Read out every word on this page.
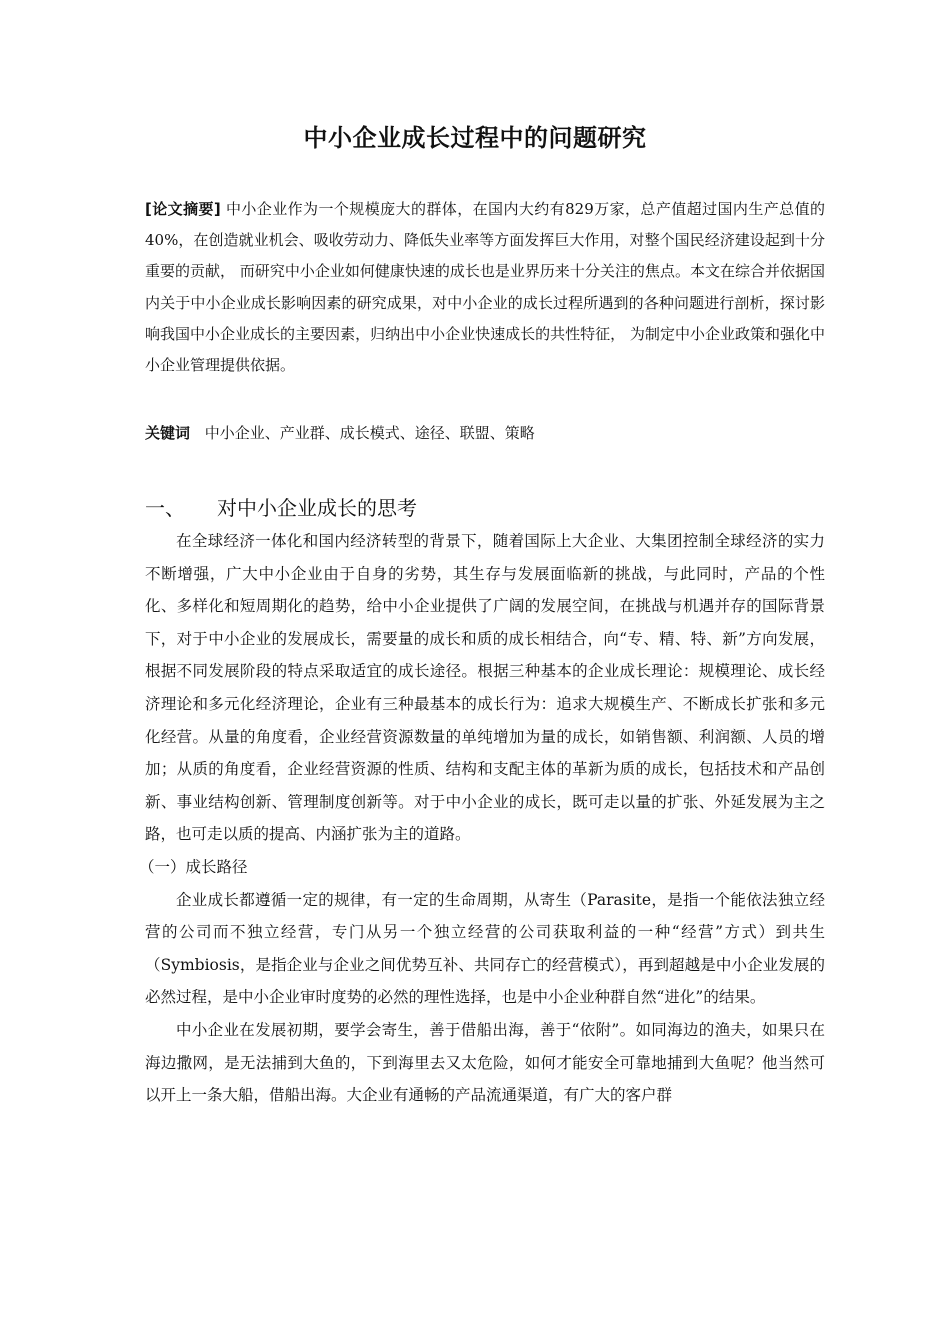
中小企业成长过程中的问题研究
[论文摘要] 中小企业作为一个规模庞大的群体，在国内大约有829万家，总产值超过国内生产总值的40%，在创造就业机会、吸收劳动力、降低失业率等方面发挥巨大作用，对整个国民经济建设起到十分重要的贡献， 而研究中小企业如何健康快速的成长也是业界历来十分关注的焦点。本文在综合并依据国内关于中小企业成长影响因素的研究成果，对中小企业的成长过程所遇到的各种问题进行剖析，探讨影响我国中小企业成长的主要因素，归纳出中小企业快速成长的共性特征， 为制定中小企业政策和强化中小企业管理提供依据。
关键词 中小企业、产业群、成长模式、途径、联盟、策略
一、 对中小企业成长的思考

在全球经济一体化和国内经济转型的背景下，随着国际上大企业、大集团控制全球经济的实力不断增强，广大中小企业由于自身的劣势，其生存与发展面临新的挑战，与此同时，产品的个性化、多样化和短周期化的趋势，给中小企业提供了广阔的发展空间，在挑战与机遇并存的国际背景下，对于中小企业的发展成长，需要量的成长和质的成长相结合，向“专、精、特、新”方向发展，根据不同发展阶段的特点采取适宜的成长途径。根据三种基本的企业成长理论：规模理论、成长经济理论和多元化经济理论，企业有三种最基本的成长行为：追求大规模生产、不断成长扩张和多元化经营。从量的角度看，企业经营资源数量的单纯增加为量的成长，如销售额、利润额、人员的增加；从质的角度看，企业经营资源的性质、结构和支配主体的革新为质的成长，包括技术和产品创新、事业结构创新、管理制度创新等。对于中小企业的成长，既可走以量的扩张、外延发展为主之路，也可走以质的提高、内涵扩张为主的道路。

（一）成长路径

企业成长都遵循一定的规律，有一定的生命周期，从寄生（Parasite，是指一个能依法独立经营的公司而不独立经营，专门从另一个独立经营的公司获取利益的一种“经营”方式）到共生（Symbiosis，是指企业与企业之间优势互补、共同存亡的经营模式），再到超越是中小企业发展的必然过程，是中小企业审时度势的必然的理性选择，也是中小企业种群自然“进化”的结果。

中小企业在发展初期，要学会寄生，善于借船出海，善于“依附”。如同海边的渔夫，如果只在海边撒网，是无法捕到大鱼的，下到海里去又太危险，如何才能安全可靠地捕到大鱼呢？他当然可以开上一条大船，借船出海。大企业有通畅的产品流通渠道，有广大的客户群
